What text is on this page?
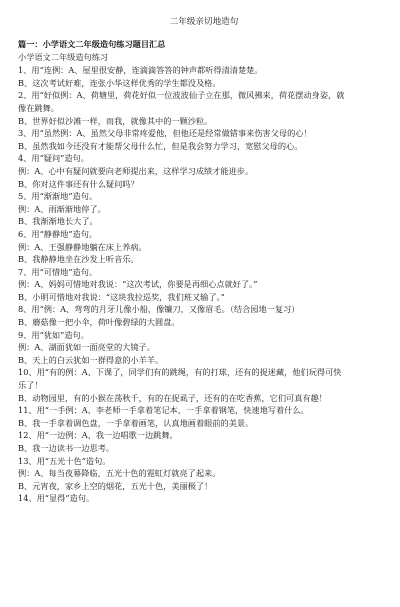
二年级亲切地造句
篇一：小学语文二年级造句练习题目汇总
小学语文二年级造句练习
1、用“连例：A、屋里很安静，连滴滴答答的钟声都听得清清楚楚。
B、这次考试好难，连张小华这样优秀的学生都没及格。
2、用“好似例：A、荷塘里，荷花好似一位波波仙子立在那，微风拂来，荷花摆动身姿，就
像在跳舞。
B、世界好似沙滩一样，而我，就像其中的一颗沙粒。
3、用“虽然例：A、虽然父母非常疼爱他，但他还是经常做错事来伤害父母的心！
B、虽然我如今还没有才能帮父母什么忙，但是我会努力学习，宽慰父母的心。
4、用“疑问”造句。
例：A、心中有疑问就要向老师提出来，这样学习成绩才能进步。
B、你对这件事还有什么疑问吗？
5、用“渐渐地”造句。
例：A、雨渐渐地停了。
B、我渐渐地长大了。
6、用“静静地”造句。
例：A、王强静静地躺在床上养病。
B、我静静地坐在沙发上听音乐。
7、用“可惜地”造句。
例：A、妈妈可惜地对我说：“这次考试，你要是再细心点就好了。”
B、小明可惜地对我说：“这块我拉巡奖，我们班又输了。”
8、用“例：A、弯弯的月牙儿像小船，像镰刀，又像眉毛。（结合园地一复习）
B、蘑菇像一把小伞，荷叶像碧绿的大圆盘。
9、用“犹如”造句。
例：A、湖面犹如一面亮堂的大镜子。
B、天上的白云犹如一群得意的小羊羊。
10、用“有的例：A、下课了，同学们有的跳绳，有的打球，还有的捉迷藏，他们玩得可快
乐了！
B、动物园里，有的小猴在荡秋千，有的在捉虱子，还有的在吃香蕉，它们可真有趣！
11、用“一手例：A、李老师一手拿着笔记本，一手拿着钢笔，快速地写着什么。
B、我一手拿着调色盘，一手拿着画笔，认真地画着眼前的美景。
12、用“一边例：A、我一边唱歌一边跳舞。
B、我一边读书一边思考。
13、用“五光十色”造句。
例：A、每当夜幕降临，五光十色的霓虹灯就亮了起来。
B、元宵夜，家乡上空的烟花，五光十色，美丽极了！
14、用“显得”造句。
